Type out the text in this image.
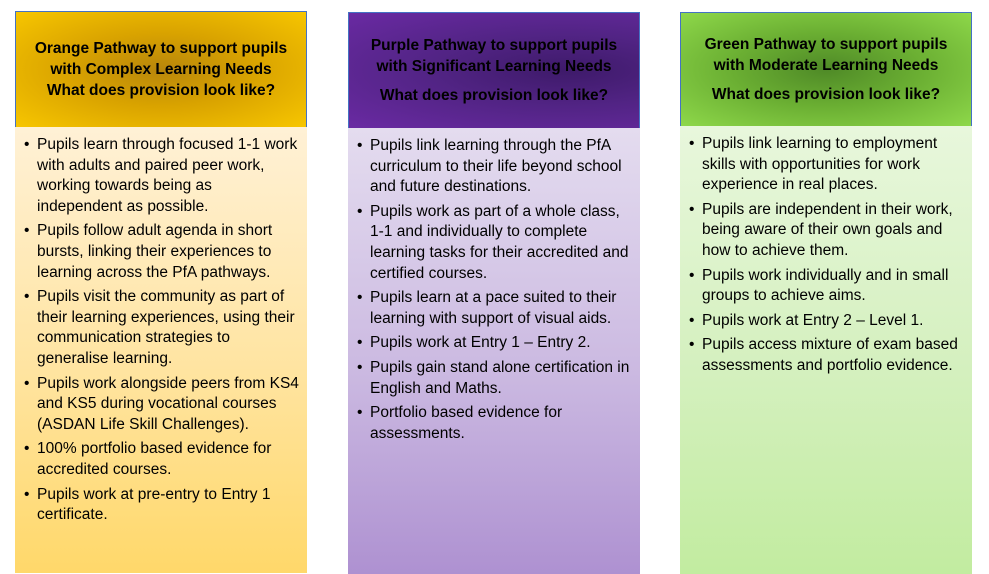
Orange Pathway to support pupils with Complex Learning Needs
What does provision look like?
• Pupils learn through focused 1-1 work with adults and paired peer work, working towards being as independent as possible.
• Pupils follow adult agenda in short bursts, linking their experiences to learning across the PfA pathways.
• Pupils visit the community as part of their learning experiences, using their communication strategies to generalise learning.
• Pupils work alongside peers from KS4 and KS5 during vocational courses (ASDAN Life Skill Challenges).
• 100% portfolio based evidence for accredited courses.
• Pupils work at pre-entry to Entry 1 certificate.
Purple Pathway to support pupils with Significant Learning Needs
What does provision look like?
• Pupils link learning through the PfA curriculum to their life beyond school and future destinations.
• Pupils work as part of a whole class, 1-1 and individually to complete learning tasks for their accredited and certified courses.
• Pupils learn at a pace suited to their learning with support of visual aids.
• Pupils work at Entry 1 – Entry 2.
• Pupils gain stand alone certification in English and Maths.
• Portfolio based evidence for assessments.
Green Pathway to support pupils with Moderate Learning Needs
What does provision look like?
• Pupils link learning to employment skills with opportunities for work experience in real places.
• Pupils are independent in their work, being aware of their own goals and how to achieve them.
• Pupils work individually and in small groups to achieve aims.
• Pupils work at Entry 2 – Level 1.
• Pupils access mixture of exam based assessments and portfolio evidence.
